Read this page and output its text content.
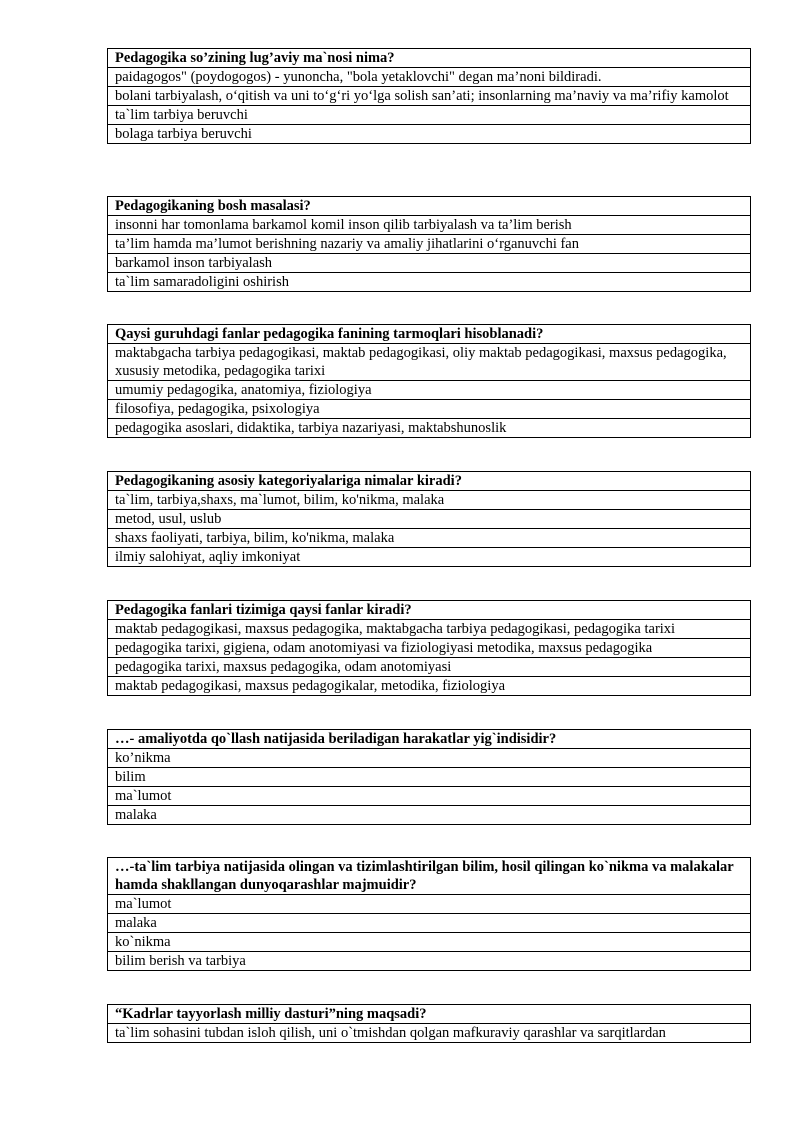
Pedagogika so’zining lug’aviy ma`nosi nima?
paidagogos" (poydogogos) - yunoncha, "bola yetaklovchi" degan ma’noni bildiradi.
bolani tarbiyalash, oʻqitish va uni toʻgʻri yoʻlga solish san’ati; insonlarning ma’naviy va ma’rifiy kamolot
ta`lim tarbiya beruvchi
bolaga tarbiya beruvchi
Pedagogikaning bosh masalasi?
insonni har tomonlama barkamol komil inson qilib tarbiyalash va ta’lim berish
ta’lim hamda ma’lumot berishning nazariy va amaliy jihatlarini oʻrganuvchi fan
barkamol inson tarbiyalash
ta`lim samaradoligini oshirish
Qaysi guruhdagi fanlar pedagogika fanining tarmoqlari hisoblanadi?
maktabgacha tarbiya pedagogikasi, maktab pedagogikasi, oliy maktab pedagogikasi, maxsus pedagogika, xususiy metodika, pedagogika tarixi
umumiy pedagogika, anatomiya, fiziologiya
filosofiya, pedagogika, psixologiya
pedagogika asoslari, didaktika, tarbiya nazariyasi, maktabshunoslik
Pedagogikaning asosiy kategoriyalariga nimalar kiradi?
ta`lim, tarbiya,shaxs, ma`lumot, bilim, ko'nikma, malaka
metod, usul, uslub
shaxs faoliyati, tarbiya, bilim, ko'nikma, malaka
ilmiy salohiyat, aqliy imkoniyat
Pedagogika fanlari tizimiga qaysi fanlar kiradi?
maktab pedagogikasi, maxsus pedagogika, maktabgacha tarbiya pedagogikasi, pedagogika tarixi
pedagogika tarixi, gigiena, odam anotomiyasi va fiziologiyasi metodika, maxsus pedagogika
pedagogika tarixi, maxsus pedagogika, odam anotomiyasi
maktab pedagogikasi, maxsus pedagogikalar, metodika, fiziologiya
…- amaliyotda qo`llash natijasida beriladigan harakatlar yig`indisidir?
ko’nikma
bilim
ma`lumot
malaka
…-ta`lim tarbiya natijasida olingan va tizimlashtirilgan bilim, hosil qilingan ko`nikma va malakalar hamda shakllangan dunyoqarashlar majmuidir?
ma`lumot
malaka
ko`nikma
bilim berish va tarbiya
“Kadrlar tayyorlash milliy dasturi”ning maqsadi?
ta`lim sohasini tubdan isloh qilish, uni o`tmishdan qolgan mafkuraviy qarashlar va sarqitlardan
